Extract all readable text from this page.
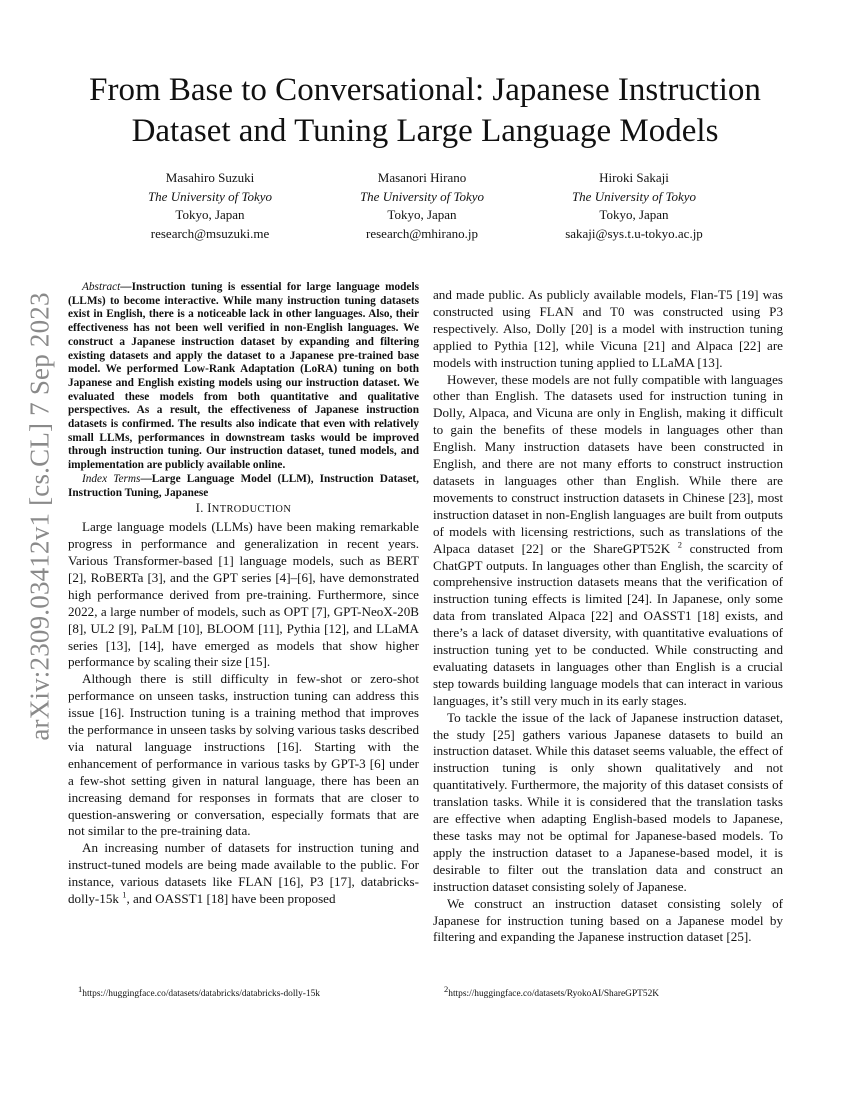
arXiv:2309.03412v1 [cs.CL] 7 Sep 2023
From Base to Conversational: Japanese Instruction
Dataset and Tuning Large Language Models
Masahiro Suzuki
The University of Tokyo
Tokyo, Japan
research@msuzuki.me
Masanori Hirano
The University of Tokyo
Tokyo, Japan
research@mhirano.jp
Hiroki Sakaji
The University of Tokyo
Tokyo, Japan
sakaji@sys.t.u-tokyo.ac.jp

Abstract—Instruction tuning is essential for large language models (LLMs) to become interactive. While many instruction tuning datasets exist in English, there is a noticeable lack in other languages. Also, their effectiveness has not been well verified in non-English languages. We construct a Japanese instruction dataset by expanding and filtering existing datasets and apply the dataset to a Japanese pre-trained base model. We performed Low-Rank Adaptation (LoRA) tuning on both Japanese and English existing models using our instruction dataset. We evaluated these models from both quantitative and qualitative perspectives. As a result, the effectiveness of Japanese instruction datasets is confirmed. The results also indicate that even with relatively small LLMs, performances in downstream tasks would be improved through instruction tuning. Our instruction dataset, tuned models, and implementation are publicly available online.

Index Terms—Large Language Model (LLM), Instruction Dataset, Instruction Tuning, Japanese

I. INTRODUCTION

Large language models (LLMs) have been making remarkable progress in performance and generalization in recent years. Various Transformer-based [1] language models, such as BERT [2], RoBERTa [3], and the GPT series [4]–[6], have demonstrated high performance derived from pre-training. Furthermore, since 2022, a large number of models, such as OPT [7], GPT-NeoX-20B [8], UL2 [9], PaLM [10], BLOOM [11], Pythia [12], and LLaMA series [13], [14], have emerged as models that show higher performance by scaling their size [15].

Although there is still difficulty in few-shot or zero-shot performance on unseen tasks, instruction tuning can address this issue [16]. Instruction tuning is a training method that improves the performance in unseen tasks by solving various tasks described via natural language instructions [16]. Starting with the enhancement of performance in various tasks by GPT-3 [6] under a few-shot setting given in natural language, there has been an increasing demand for responses in formats that are closer to question-answering or conversation, especially formats that are not similar to the pre-training data.

An increasing number of datasets for instruction tuning and instruct-tuned models are being made available to the public. For instance, various datasets like FLAN [16], P3 [17], databricks-dolly-15k $^1$, and OASST1 [18] have been proposed

and made public. As publicly available models, Flan-T5 [19] was constructed using FLAN and T0 was constructed using P3 respectively. Also, Dolly [20] is a model with instruction tuning applied to Pythia [12], while Vicuna [21] and Alpaca [22] are models with instruction tuning applied to LLaMA [13].

However, these models are not fully compatible with languages other than English. The datasets used for instruction tuning in Dolly, Alpaca, and Vicuna are only in English, making it difficult to gain the benefits of these models in languages other than English. Many instruction datasets have been constructed in English, and there are not many efforts to construct instruction datasets in languages other than English. While there are movements to construct instruction datasets in Chinese [23], most instruction dataset in non-English languages are built from outputs of models with licensing restrictions, such as translations of the Alpaca dataset [22] or the ShareGPT52K $^2$ constructed from ChatGPT outputs. In languages other than English, the scarcity of comprehensive instruction datasets means that the verification of instruction tuning effects is limited [24]. In Japanese, only some data from translated Alpaca [22] and OASST1 [18] exists, and there’s a lack of dataset diversity, with quantitative evaluations of instruction tuning yet to be conducted. While constructing and evaluating datasets in languages other than English is a crucial step towards building language models that can interact in various languages, it’s still very much in its early stages.

To tackle the issue of the lack of Japanese instruction dataset, the study [25] gathers various Japanese datasets to build an instruction dataset. While this dataset seems valuable, the effect of instruction tuning is only shown qualitatively and not quantitatively. Furthermore, the majority of this dataset consists of translation tasks. While it is considered that the translation tasks are effective when adapting English-based models to Japanese, these tasks may not be optimal for Japanese-based models. To apply the instruction dataset to a Japanese-based model, it is desirable to filter out the translation data and construct an instruction dataset consisting solely of Japanese.

We construct an instruction dataset consisting solely of Japanese for instruction tuning based on a Japanese model by filtering and expanding the Japanese instruction dataset [25].

$^1$https://huggingface.co/datasets/databricks/databricks-dolly-15k
$^2$https://huggingface.co/datasets/RyokoAI/ShareGPT52K
